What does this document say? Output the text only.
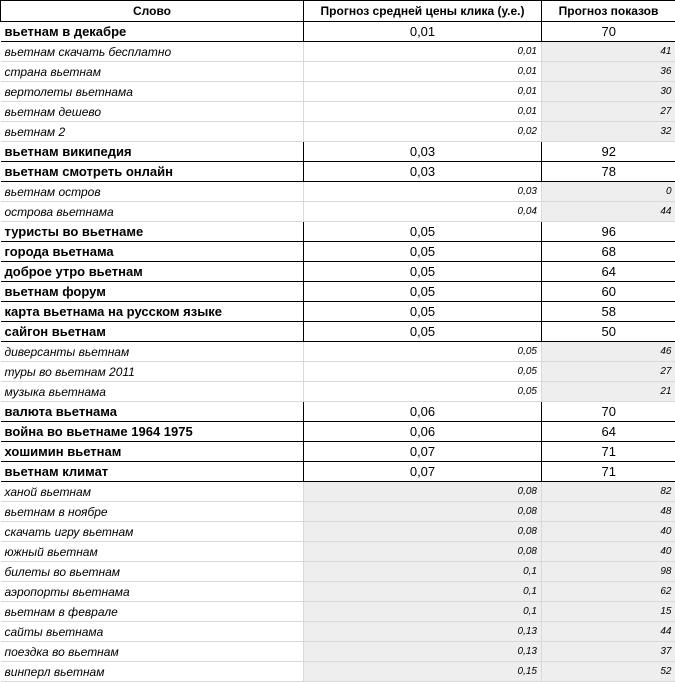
Слово	Прогноз средней цены клика (у.е.)	Прогноз показов
вьетнам в декабре	0,01	70
вьетнам скачать бесплатно	0,01	41
страна вьетнам	0,01	36
вертолеты вьетнама	0,01	30
вьетнам дешево	0,01	27
вьетнам 2	0,02	32
вьетнам википедия	0,03	92
вьетнам смотреть онлайн	0,03	78
вьетнам остров	0,03	0
острова вьетнама	0,04	44
туристы во вьетнаме	0,05	96
города вьетнама	0,05	68
доброе утро вьетнам	0,05	64
вьетнам форум	0,05	60
карта вьетнама на русском языке	0,05	58
сайгон вьетнам	0,05	50
диверсанты вьетнам	0,05	46
туры во вьетнам 2011	0,05	27
музыка вьетнама	0,05	21
валюта вьетнама	0,06	70
война во вьетнаме 1964 1975	0,06	64
хошимин вьетнам	0,07	71
вьетнам климат	0,07	71
ханой вьетнам	0,08	82
вьетнам в ноябре	0,08	48
скачать игру вьетнам	0,08	40
южный вьетнам	0,08	40
билеты во вьетнам	0,1	98
аэропорты вьетнама	0,1	62
вьетнам в феврале	0,1	15
сайты вьетнама	0,13	44
поездка во вьетнам	0,13	37
винперл вьетнам	0,15	52
